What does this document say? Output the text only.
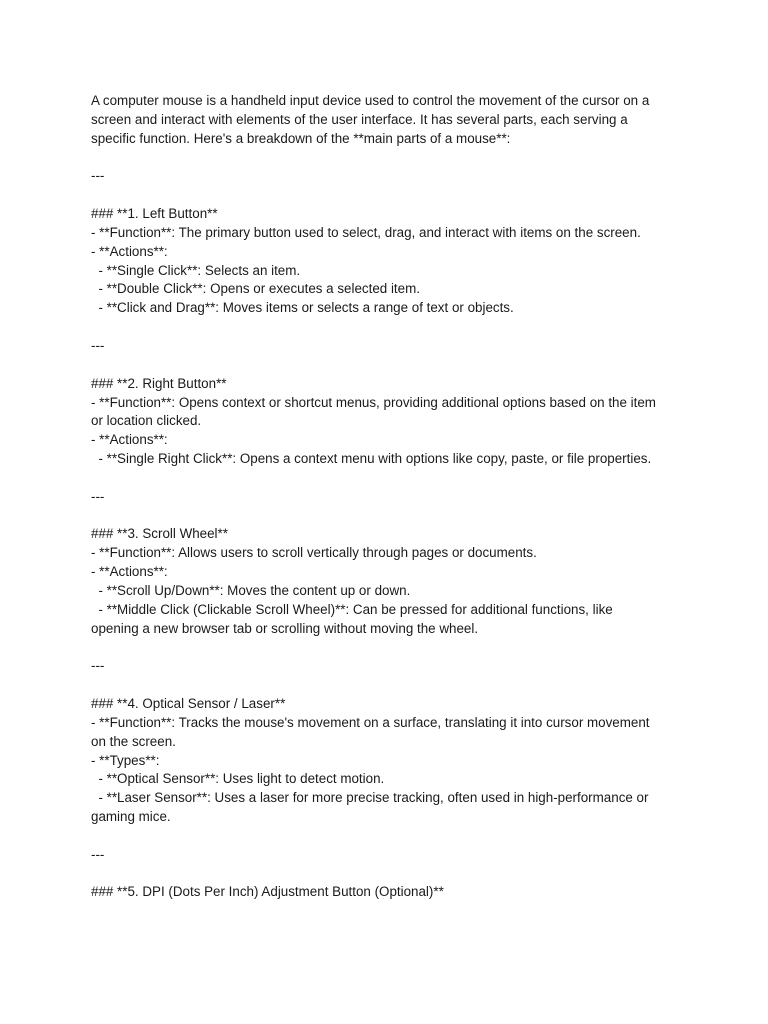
A computer mouse is a handheld input device used to control the movement of the cursor on a
screen and interact with elements of the user interface. It has several parts, each serving a
specific function. Here's a breakdown of the **main parts of a mouse**:
---
### **1. Left Button**
- **Function**: The primary button used to select, drag, and interact with items on the screen.
- **Actions**:
- **Single Click**: Selects an item.
- **Double Click**: Opens or executes a selected item.
- **Click and Drag**: Moves items or selects a range of text or objects.
---
### **2. Right Button**
- **Function**: Opens context or shortcut menus, providing additional options based on the item
or location clicked.
- **Actions**:
- **Single Right Click**: Opens a context menu with options like copy, paste, or file properties.
---
### **3. Scroll Wheel**
- **Function**: Allows users to scroll vertically through pages or documents.
- **Actions**:
- **Scroll Up/Down**: Moves the content up or down.
- **Middle Click (Clickable Scroll Wheel)**: Can be pressed for additional functions, like
opening a new browser tab or scrolling without moving the wheel.
---
### **4. Optical Sensor / Laser**
- **Function**: Tracks the mouse's movement on a surface, translating it into cursor movement
on the screen.
- **Types**:
- **Optical Sensor**: Uses light to detect motion.
- **Laser Sensor**: Uses a laser for more precise tracking, often used in high-performance or
gaming mice.
---
### **5. DPI (Dots Per Inch) Adjustment Button (Optional)**
